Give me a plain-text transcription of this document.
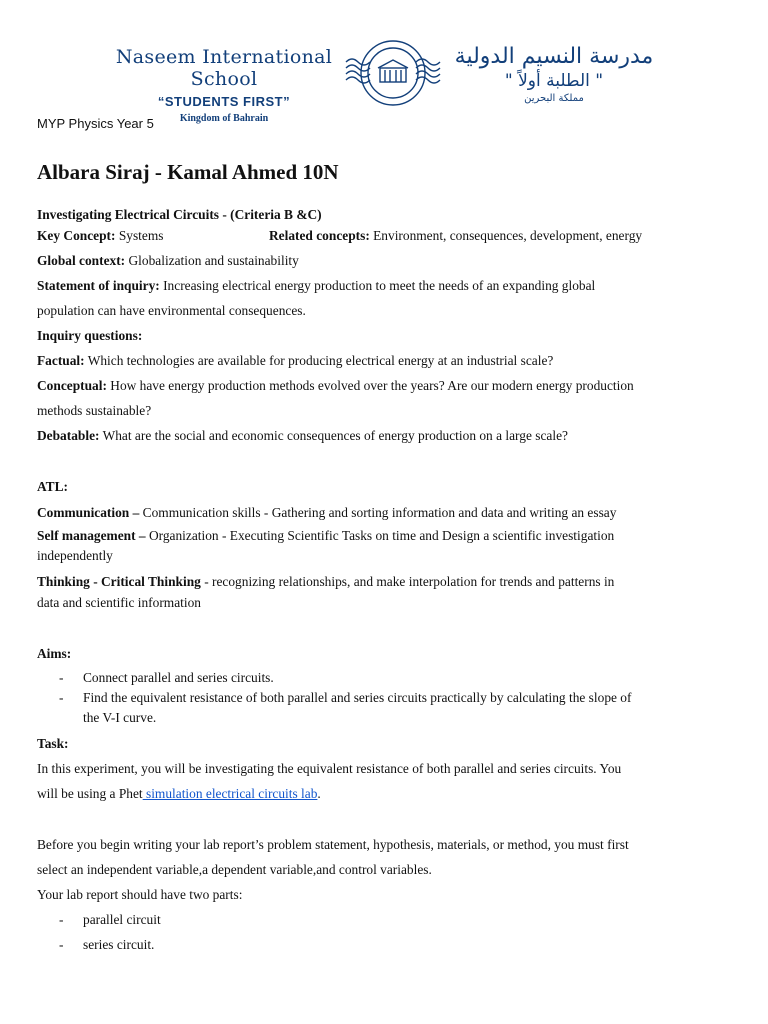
Naseem International School
“STUDENTS FIRST”
Kingdom of Bahrain
مدرسة النسيم الدولية
" الطلبة أولاً "
مملكة البحرين
MYP Physics Year 5
Albara Siraj - Kamal Ahmed 10N
Investigating Electrical Circuits - (Criteria B &C)
Key Concept: Systems	Related concepts: Environment, consequences, development, energy
Global context: Globalization and sustainability
Statement of inquiry: Increasing electrical energy production to meet the needs of an expanding global
population can have environmental consequences.
Inquiry questions:
Factual: Which technologies are available for producing electrical energy at an industrial scale?
Conceptual: How have energy production methods evolved over the years? Are our modern energy production
methods sustainable?
Debatable: What are the social and economic consequences of energy production on a large scale?
ATL:
Communication – Communication skills - Gathering and sorting information and data and writing an essay
Self management – Organization - Executing Scientific Tasks on time and Design a scientific investigation
independently
Thinking - Critical Thinking - recognizing relationships, and make interpolation for trends and patterns in
data and scientific information
Aims:
- Connect parallel and series circuits.
- Find the equivalent resistance of both parallel and series circuits practically by calculating the slope of
the V-I curve.
Task:
In this experiment, you will be investigating the equivalent resistance of both parallel and series circuits. You
will be using a Phet simulation electrical circuits lab.
Before you begin writing your lab report’s problem statement, hypothesis, materials, or method, you must first
select an independent variable,a dependent variable,and control variables.
Your lab report should have two parts:
- parallel circuit
- series circuit.
